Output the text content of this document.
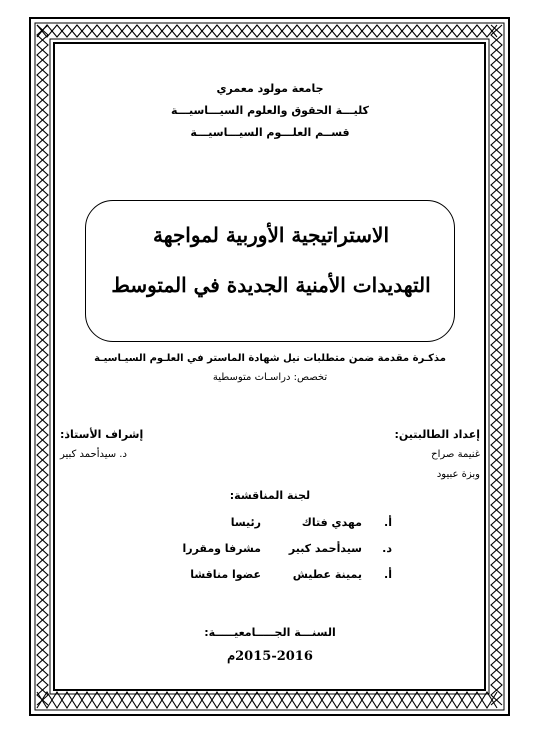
جامعة مولود معمري
كليـــة الحقوق والعلوم السيـــاسيـــة
قســم العلـــوم السيـــاسيـــة
الاستراتيجية الأوربية لمواجهة
التهديدات الأمنية الجديدة في المتوسط
مذكـرة مقدمة ضمن متطلبات نيل شهادة الماستر في العلـوم السيـاسيـة
تخصص: دراسـات متوسطية
إعداد الطالبتين:
غنيمة صراح
وبزة عبيود
إشراف الأستاذ:
د. سيدأحمد كبير
لجنة المناقشة:
أ.
مهدي فتاك
رئيسا
د.
سيدأحمد كبير
مشرفا ومقررا
أ.
يمينة عطيش
عضوا مناقشا
السنـــة الجـــــامعيـــــة:
2015-2016م
